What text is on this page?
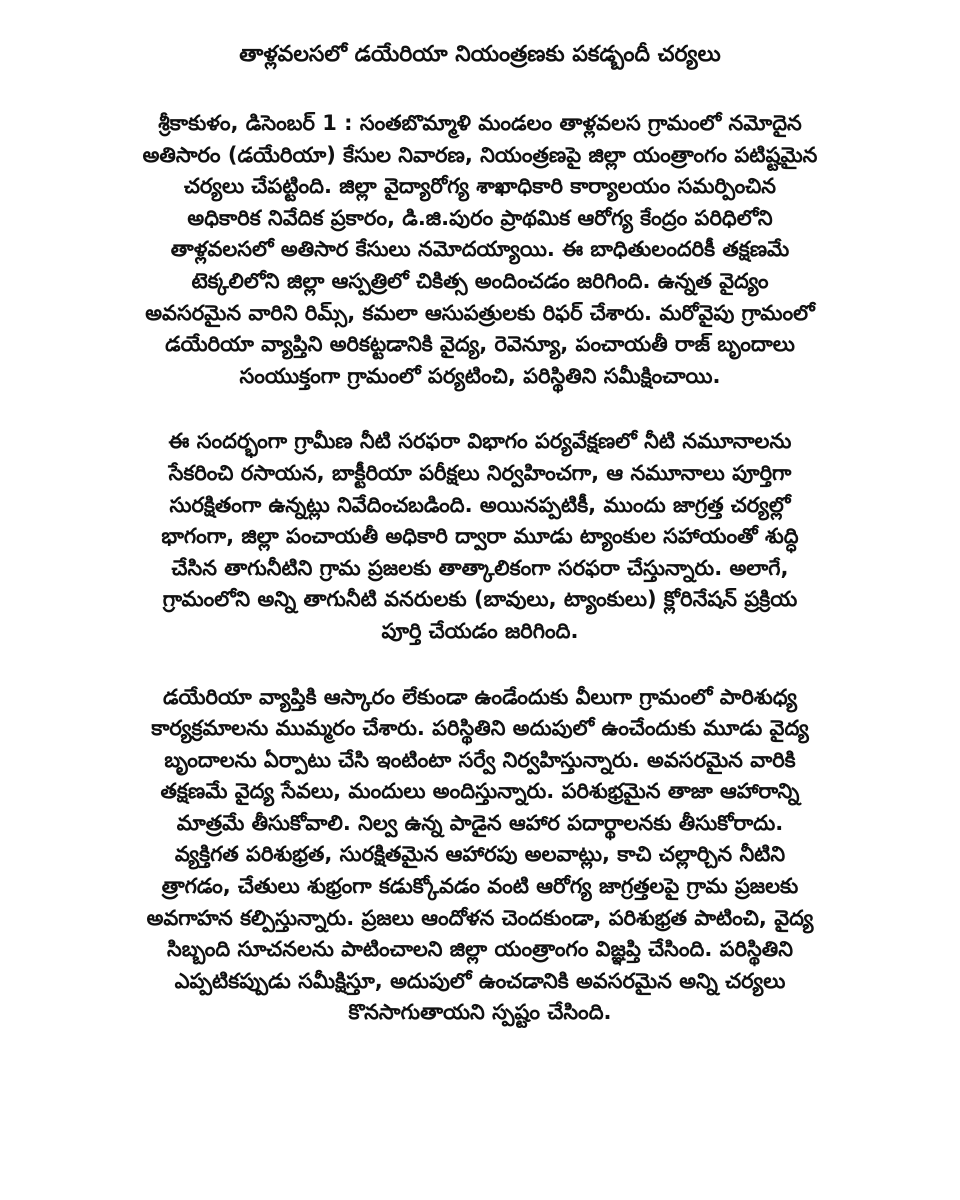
తాళ్లవలసలో డయేరియా నియంత్రణకు పకడ్బందీ చర్యలు
శ్రీకాకుళం, డిసెంబర్ 1 : సంతబొమ్మాళి మండలం తాళ్లవలస గ్రామంలో నమోదైన
అతిసారం (డయేరియా) కేసుల నివారణ, నియంత్రణపై జిల్లా యంత్రాంగం పటిష్టమైన
చర్యలు చేపట్టింది. జిల్లా వైద్యారోగ్య శాఖాధికారి కార్యాలయం సమర్పించిన
అధికారిక నివేదిక ప్రకారం, డి.జి.పురం ప్రాథమిక ఆరోగ్య కేంద్రం పరిధిలోని
తాళ్లవలసలో అతిసార కేసులు నమోదయ్యాయి. ఈ బాధితులందరికీ తక్షణమే
టెక్కలిలోని జిల్లా ఆస్పత్రిలో చికిత్స అందించడం జరిగింది. ఉన్నత వైద్యం
అవసరమైన వారిని రిమ్స్, కమలా ఆసుపత్రులకు రిఫర్ చేశారు. మరోవైపు గ్రామంలో
డయేరియా వ్యాప్తిని అరికట్టడానికి వైద్య, రెవెన్యూ, పంచాయతీ రాజ్ బృందాలు
సంయుక్తంగా గ్రామంలో పర్యటించి, పరిస్థితిని సమీక్షించాయి.
ఈ సందర్భంగా గ్రామీణ నీటి సరఫరా విభాగం పర్యవేక్షణలో నీటి నమూనాలను
సేకరించి రసాయన, బాక్టీరియా పరీక్షలు నిర్వహించగా, ఆ నమూనాలు పూర్తిగా
సురక్షితంగా ఉన్నట్లు నివేదించబడింది. అయినప్పటికీ, ముందు జాగ్రత్త చర్యల్లో
భాగంగా, జిల్లా పంచాయతీ అధికారి ద్వారా మూడు ట్యాంకుల సహాయంతో శుద్ధి
చేసిన తాగునీటిని గ్రామ ప్రజలకు తాత్కాలికంగా సరఫరా చేస్తున్నారు. అలాగే,
గ్రామంలోని అన్ని తాగునీటి వనరులకు (బావులు, ట్యాంకులు) క్లోరినేషన్ ప్రక్రియ
పూర్తి చేయడం జరిగింది.
డయేరియా వ్యాప్తికి ఆస్కారం లేకుండా ఉండేందుకు వీలుగా గ్రామంలో పారిశుధ్య
కార్యక్రమాలను ముమ్మరం చేశారు. పరిస్థితిని అదుపులో ఉంచేందుకు మూడు వైద్య
బృందాలను ఏర్పాటు చేసి ఇంటింటా సర్వే నిర్వహిస్తున్నారు. అవసరమైన వారికి
తక్షణమే వైద్య సేవలు, మందులు అందిస్తున్నారు. పరిశుభ్రమైన తాజా ఆహారాన్ని
మాత్రమే తీసుకోవాలి. నిల్వ ఉన్న పాడైన ఆహార పదార్థాలనకు తీసుకోరాదు.
వ్యక్తిగత పరిశుభ్రత, సురక్షితమైన ఆహారపు అలవాట్లు, కాచి చల్లార్చిన నీటిని
త్రాగడం, చేతులు శుభ్రంగా కడుక్కోవడం వంటి ఆరోగ్య జాగ్రత్తలపై గ్రామ ప్రజలకు
అవగాహన కల్పిస్తున్నారు. ప్రజలు ఆందోళన చెందకుండా, పరిశుభ్రత పాటించి, వైద్య
సిబ్బంది సూచనలను పాటించాలని జిల్లా యంత్రాంగం విజ్ఞప్తి చేసింది. పరిస్థితిని
ఎప్పటికప్పుడు సమీక్షిస్తూ, అదుపులో ఉంచడానికి అవసరమైన అన్ని చర్యలు
కొనసాగుతాయని స్పష్టం చేసింది.
